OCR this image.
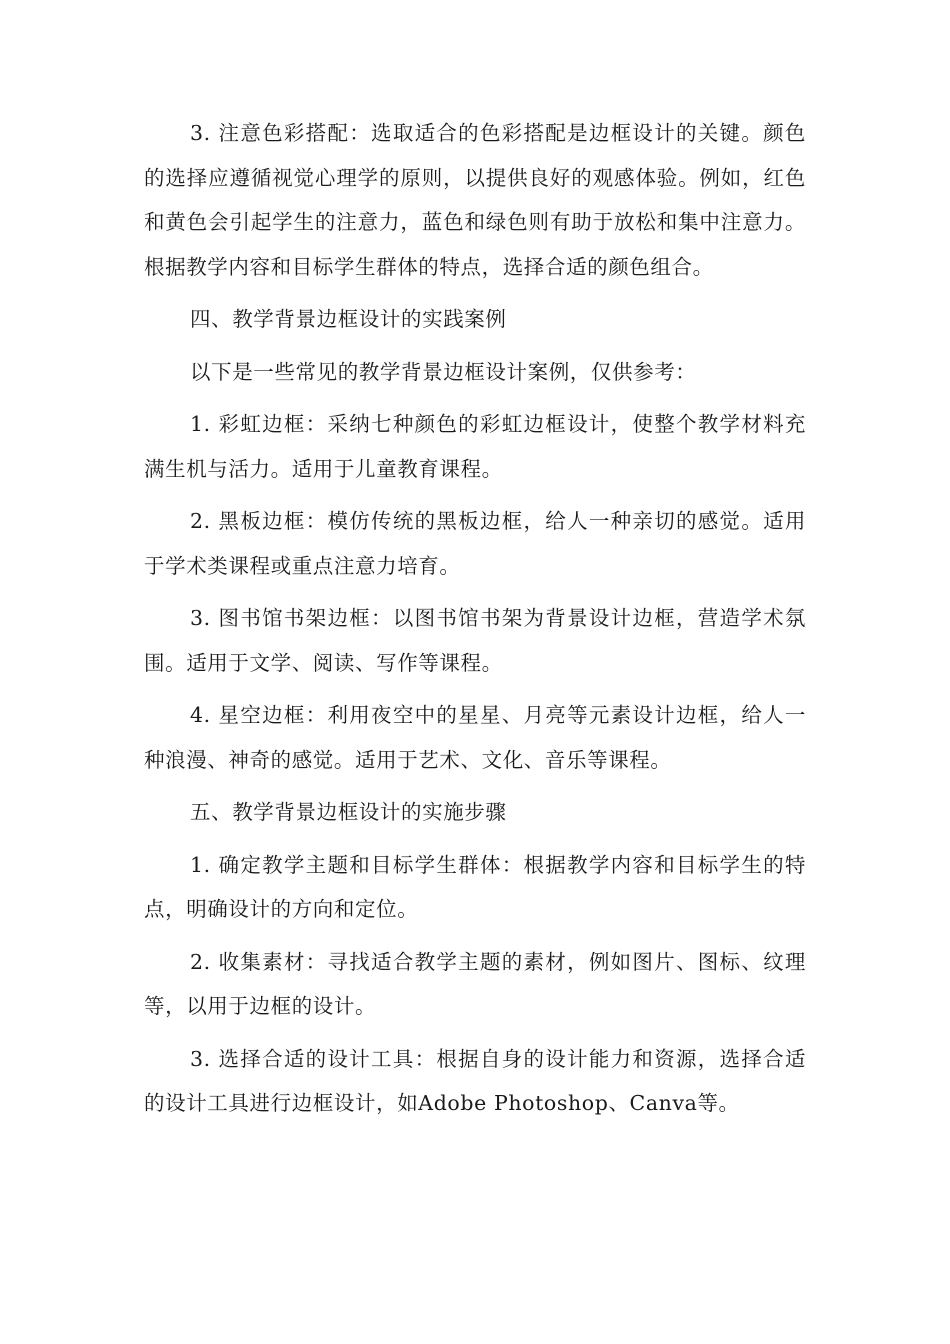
3. 注意色彩搭配：选取适合的色彩搭配是边框设计的关键。颜色的选择应遵循视觉心理学的原则，以提供良好的观感体验。例如，红色和黄色会引起学生的注意力，蓝色和绿色则有助于放松和集中注意力。根据教学内容和目标学生群体的特点，选择合适的颜色组合。

四、教学背景边框设计的实践案例

以下是一些常见的教学背景边框设计案例，仅供参考：

1. 彩虹边框：采纳七种颜色的彩虹边框设计，使整个教学材料充满生机与活力。适用于儿童教育课程。

2. 黑板边框：模仿传统的黑板边框，给人一种亲切的感觉。适用于学术类课程或重点注意力培育。

3. 图书馆书架边框：以图书馆书架为背景设计边框，营造学术氛围。适用于文学、阅读、写作等课程。

4. 星空边框：利用夜空中的星星、月亮等元素设计边框，给人一种浪漫、神奇的感觉。适用于艺术、文化、音乐等课程。

五、教学背景边框设计的实施步骤

1. 确定教学主题和目标学生群体：根据教学内容和目标学生的特点，明确设计的方向和定位。

2. 收集素材：寻找适合教学主题的素材，例如图片、图标、纹理等，以用于边框的设计。

3. 选择合适的设计工具：根据自身的设计能力和资源，选择合适的设计工具进行边框设计，如Adobe Photoshop、Canva等。
